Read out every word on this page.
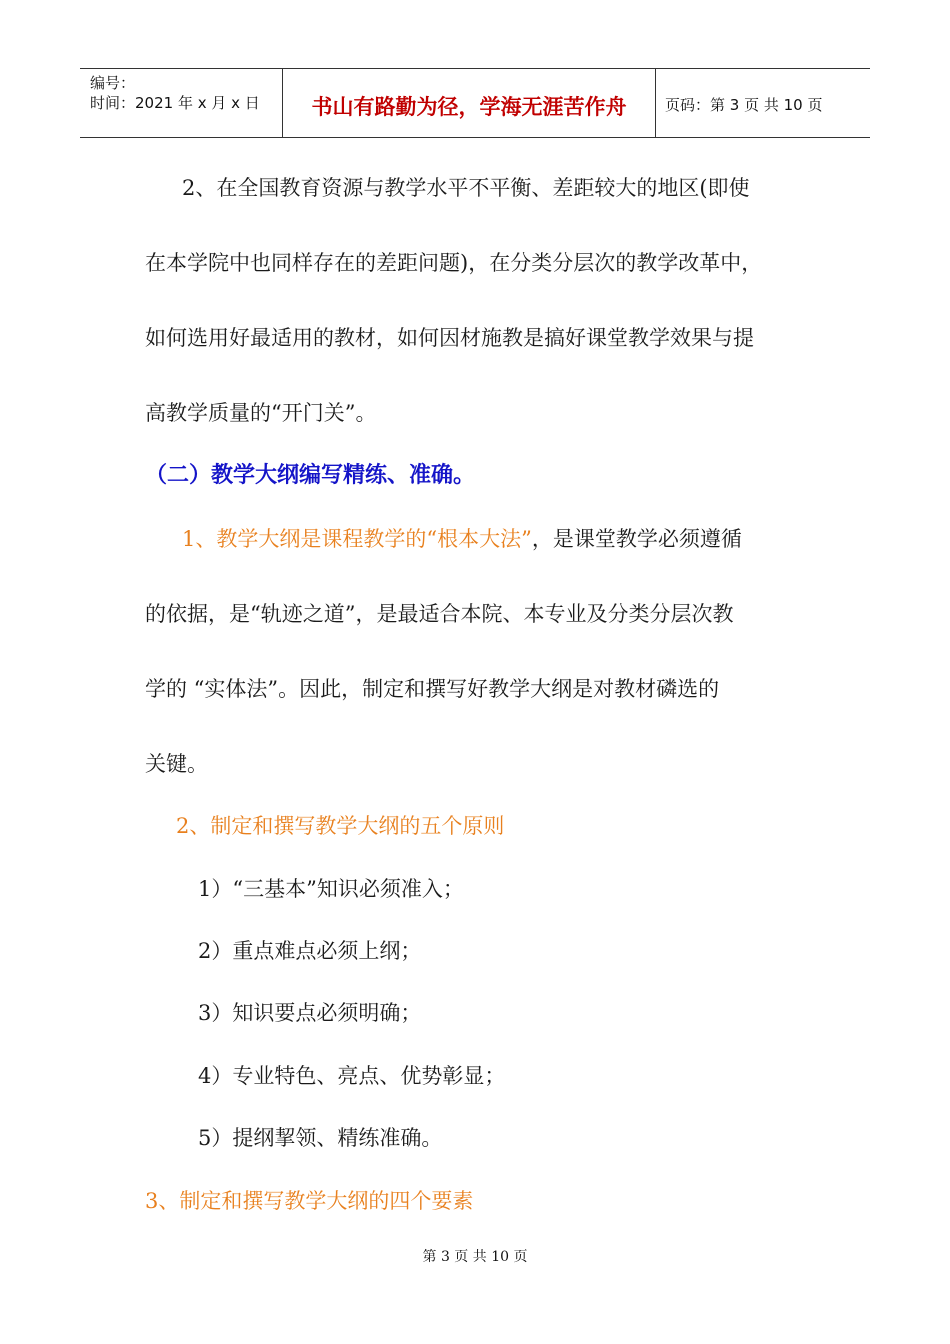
编号：
时间：2021 年 x 月 x 日	书山有路勤为径，学海无涯苦作舟	页码：第 3 页 共 10 页
2、在全国教育资源与教学水平不平衡、差距较大的地区(即使
在本学院中也同样存在的差距问题)，在分类分层次的教学改革中，
如何选用好最适用的教材，如何因材施教是搞好课堂教学效果与提
高教学质量的“开门关”。
（二）教学大纲编写精练、准确。
1、教学大纲是课程教学的“根本大法”，是课堂教学必须遵循
的依据，是“轨迹之道”，是最适合本院、本专业及分类分层次教
学的 “实体法”。因此，制定和撰写好教学大纲是对教材磷选的
关键。
2、制定和撰写教学大纲的五个原则
1）“三基本”知识必须准入；
2）重点难点必须上纲；
3）知识要点必须明确；
4）专业特色、亮点、优势彰显；
5）提纲挈领、精练准确。
3、制定和撰写教学大纲的四个要素
第 3 页 共 10 页
